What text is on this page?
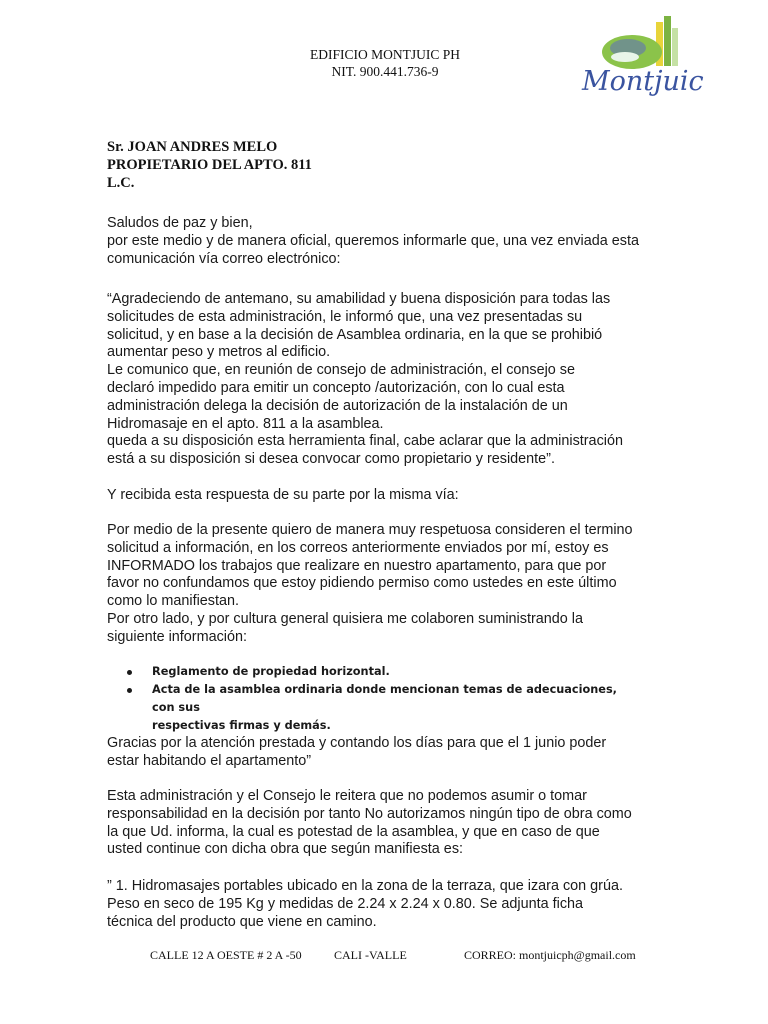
EDIFICIO MONTJUIC PH
NIT. 900.441.736-9	Montjuic
Sr. JOAN ANDRES MELO
PROPIETARIO DEL APTO. 811
L.C.
Saludos de paz y bien,
por este medio y de manera oficial, queremos informarle que, una vez enviada esta
comunicación vía correo electrónico:
“Agradeciendo de antemano, su amabilidad y buena disposición para todas las
solicitudes de esta administración, le informó que, una vez presentadas su
solicitud, y en base a la decisión de Asamblea ordinaria, en la que se prohibió
aumentar peso y metros al edificio.
Le comunico que, en reunión de consejo de administración, el consejo se
declaró impedido para emitir un concepto /autorización, con lo cual esta
administración delega la decisión de autorización de la instalación de un
Hidromasaje en el apto. 811 a la asamblea.
queda a su disposición esta herramienta final, cabe aclarar que la administración
está a su disposición si desea convocar como propietario y residente”.
Y recibida esta respuesta de su parte por la misma vía:
Por medio de la presente quiero de manera muy respetuosa consideren el termino
solicitud a información, en los correos anteriormente enviados por mí, estoy es
INFORMADO los trabajos que realizare en nuestro apartamento, para que por
favor no confundamos que estoy pidiendo permiso como ustedes en este último
como lo manifiestan.
Por otro lado, y por cultura general quisiera me colaboren suministrando la
siguiente información:
Reglamento de propiedad horizontal.
Acta de la asamblea ordinaria donde mencionan temas de adecuaciones, con sus
respectivas firmas y demás.
Gracias por la atención prestada y contando los días para que el 1 junio poder
estar habitando el apartamento”
Esta administración y el Consejo le reitera que no podemos asumir o tomar
responsabilidad en la decisión por tanto No autorizamos ningún tipo de obra como
la que Ud. informa, la cual es potestad de la asamblea, y que en caso de que
usted continue con dicha obra que según manifiesta es:
” 1. Hidromasajes portables ubicado en la zona de la terraza, que izara con grúa.
Peso en seco de 195 Kg y medidas de 2.24 x 2.24 x 0.80. Se adjunta ficha
técnica del producto que viene en camino.
CALLE 12 A OESTE # 2 A -50	CALI -VALLE	CORREO: montjuicph@gmail.com
